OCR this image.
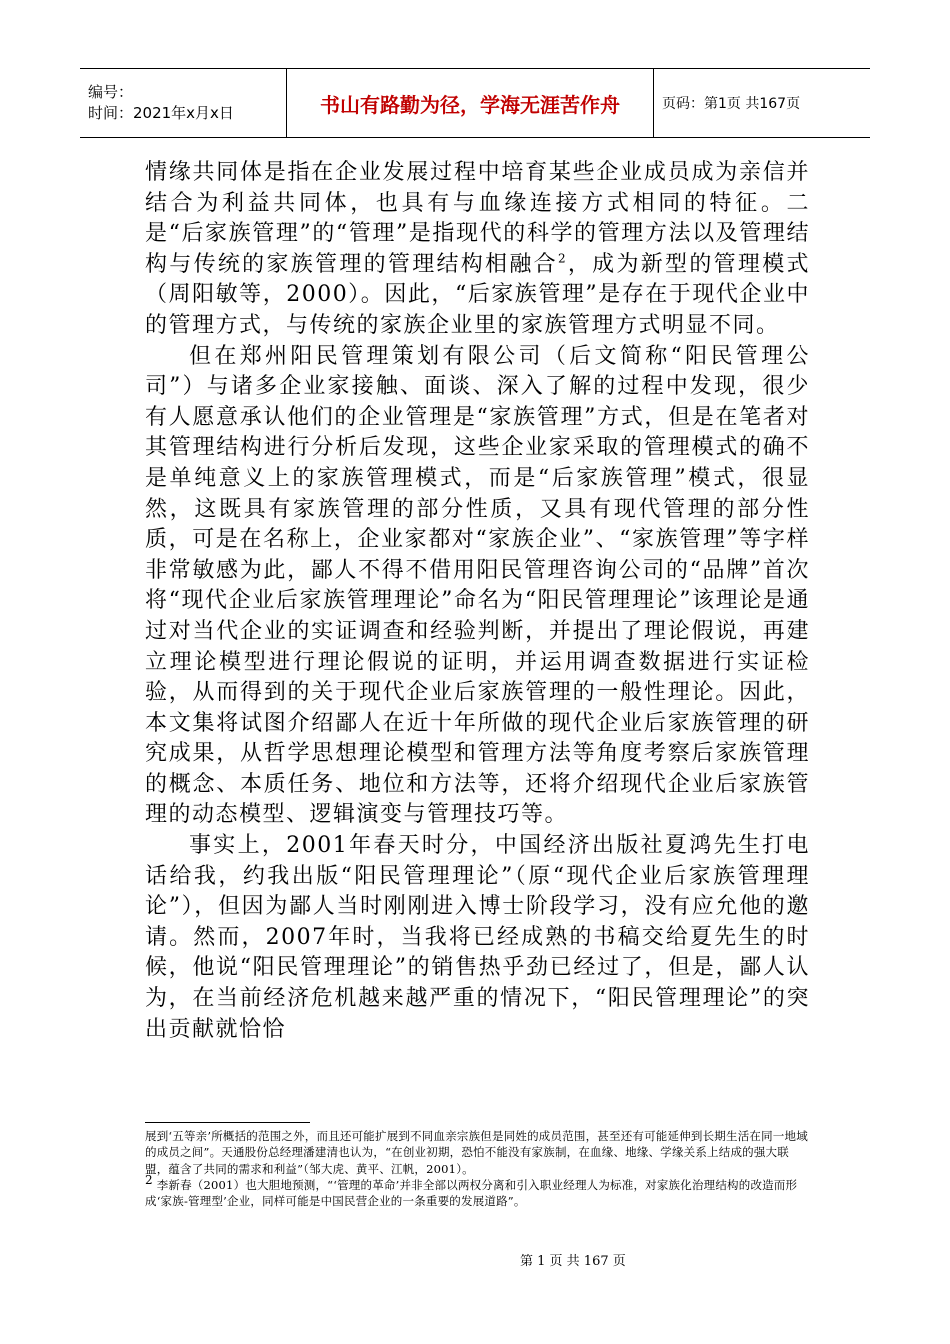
编号：
时间：2021年x月x日	书山有路勤为径，学海无涯苦作舟	页码：第1页 共167页

情缘共同体是指在企业发展过程中培育某些企业成员成为亲信并结合为利益共同体，也具有与血缘连接方式相同的特征。二是“后家族管理”的“管理”是指现代的科学的管理方法以及管理结构与传统的家族管理的管理结构相融合$^2$，成为新型的管理模式（周阳敏等，2000）。因此，“后家族管理”是存在于现代企业中的管理方式，与传统的家族企业里的家族管理方式明显不同。

但在郑州阳民管理策划有限公司（后文简称“阳民管理公司”）与诸多企业家接触、面谈、深入了解的过程中发现，很少有人愿意承认他们的企业管理是“家族管理”方式，但是在笔者对其管理结构进行分析后发现，这些企业家采取的管理模式的确不是单纯意义上的家族管理模式，而是“后家族管理”模式，很显然，这既具有家族管理的部分性质，又具有现代管理的部分性质，可是在名称上，企业家都对“家族企业”、“家族管理”等字样非常敏感为此，鄙人不得不借用阳民管理咨询公司的“品牌”首次将“现代企业后家族管理理论”命名为“阳民管理理论”该理论是通过对当代企业的实证调查和经验判断，并提出了理论假说，再建立理论模型进行理论假说的证明，并运用调查数据进行实证检验，从而得到的关于现代企业后家族管理的一般性理论。因此，本文集将试图介绍鄙人在近十年所做的现代企业后家族管理的研究成果，从哲学思想理论模型和管理方法等角度考察后家族管理的概念、本质任务、地位和方法等，还将介绍现代企业后家族管理的动态模型、逻辑演变与管理技巧等。

事实上，2001年春天时分，中国经济出版社夏鸿先生打电话给我，约我出版“阳民管理理论”（原“现代企业后家族管理理论”），但因为鄙人当时刚刚进入博士阶段学习，没有应允他的邀请。然而，2007年时，当我将已经成熟的书稿交给夏先生的时候，他说“阳民管理理论”的销售热乎劲已经过了，但是，鄙人认为，在当前经济危机越来越严重的情况下，“阳民管理理论”的突出贡献就恰恰

展到‘五等亲’所概括的范围之外，而且还可能扩展到不同血亲宗族但是同姓的成员范围，甚至还有可能延伸到长期生活在同一地域的成员之间”。天通股份总经理潘建清也认为，“在创业初期，恐怕不能没有家族制，在血缘、地缘、学缘关系上结成的强大联盟，蕴含了共同的需求和利益”（邹大虎、黄平、江帆，2001）。

$^2$ 李新春（2001）也大胆地预测，“‘管理的革命’并非全部以两权分离和引入职业经理人为标准，对家族化治理结构的改造而形成‘家族-管理型’企业，同样可能是中国民营企业的一条重要的发展道路”。

第 1 页 共 167 页
